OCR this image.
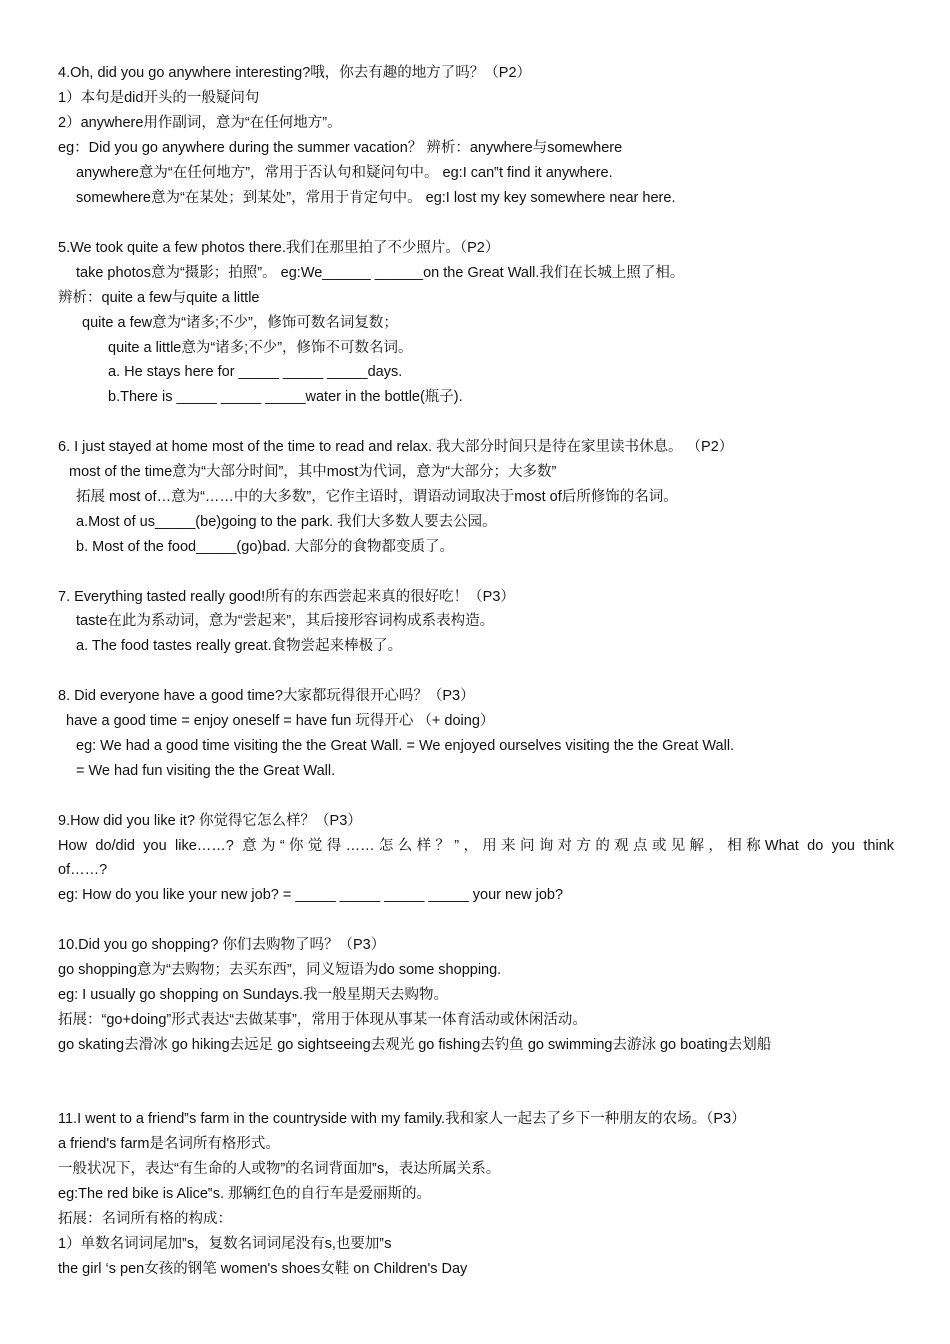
4.Oh, did you go anywhere interesting?哦，你去有趣的地方了吗？（P2）
1）本句是did开头的一般疑问句
2）anywhere用作副词，意为“在任何地方”。
eg：Did you go anywhere during the summer vacation？ 辨析：anywhere与somewhere
anywhere意为“在任何地方”，常用于否认句和疑问句中。 eg:I can‟t find it anywhere.
somewhere意为“在某处；到某处”，常用于肯定句中。 eg:I lost my key somewhere near here.
5.We took quite a few photos there.我们在那里拍了不少照片。（P2）
take photos意为“摄影；拍照”。 eg:We______ ______on the Great Wall.我们在长城上照了相。
辨析：quite a few与quite a little
quite a few意为“诸多;不少”，修饰可数名词复数；
quite a little意为“诸多;不少”，修饰不可数名词。
a. He stays here for _____ _____ _____days.
b.There is _____ _____ _____water in the bottle(瓶子).
6. I just stayed at home most of the time to read and relax. 我大部分时间只是待在家里读书休息。 （P2）
most of the time意为“大部分时间”，其中most为代词，意为“大部分；大多数”
拓展 most of…意为“……中的大多数”，它作主语时，谓语动词取决于most of后所修饰的名词。
a.Most of us_____(be)going to the park. 我们大多数人要去公园。
b. Most of the food_____(go)bad. 大部分的食物都变质了。
7. Everything tasted really good!所有的东西尝起来真的很好吃！（P3）
taste在此为系动词，意为“尝起来”，其后接形容词构成系表构造。
a. The food tastes really great.食物尝起来棒极了。
8. Did everyone have a good time?大家都玩得很开心吗？（P3）
have a good time = enjoy oneself = have fun 玩得开心 （+ doing）
eg: We had a good time visiting the the Great Wall. = We enjoyed ourselves visiting the the Great Wall.
= We had fun visiting the the Great Wall.
9.How did you like it? 你觉得它怎么样？（P3）
How do/did you like……? 意为“你觉得……怎么样？”，用来问询对方的观点或见解，相称What do you think
of……?
eg: How do you like your new job? = _____ _____ _____ _____ your new job?
10.Did you go shopping? 你们去购物了吗？（P3）
go shopping意为“去购物；去买东西”，同义短语为do some shopping.
eg: I usually go shopping on Sundays.我一般星期天去购物。
拓展：“go+doing”形式表达“去做某事”，常用于体现从事某一体育活动或休闲活动。
go skating去滑冰 go hiking去远足 go sightseeing去观光 go fishing去钓鱼 go swimming去游泳 go boating去划船
11.I went to a friend‟s farm in the countryside with my family.我和家人一起去了乡下一种朋友的农场。（P3）
a friend's farm是名词所有格形式。
一般状况下，表达“有生命的人或物”的名词背面加‟s，表达所属关系。
eg:The red bike is Alice‟s. 那辆红色的自行车是爱丽斯的。
拓展：名词所有格的构成：
1）单数名词词尾加‟s，复数名词词尾没有s,也要加‟s
the girl ‘s pen女孩的钢笔 women's shoes女鞋 on Children's Day
